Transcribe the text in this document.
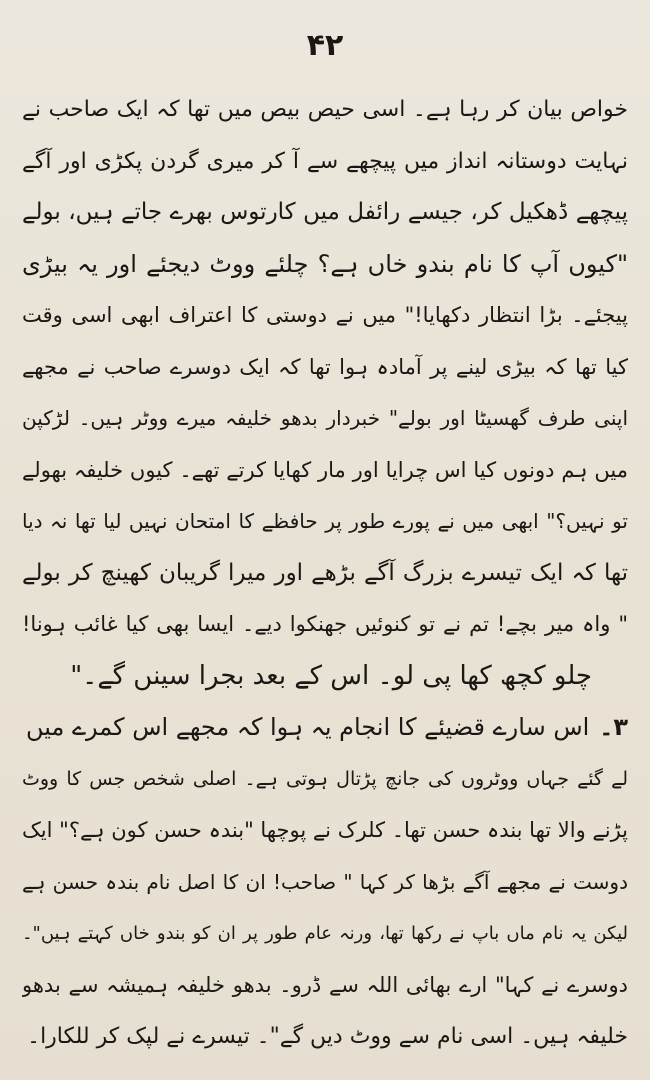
۴۲
خواص بیان کر رہا ہے۔ اسی حیص بیص میں تھا کہ ایک صاحب نے
نہایت دوستانہ انداز میں پیچھے سے آ کر میری گردن پکڑی اور آگے
پیچھے ڈھکیل کر، جیسے رائفل میں کارتوس بھرے جاتے ہیں، بولے
"کیوں آپ کا نام بندو خاں ہے؟ چلئے ووٹ دیجئے اور یہ بیڑی
پیجئے۔ بڑا انتظار دکھایا!" میں نے دوستی کا اعتراف ابھی اسی وقت
کیا تھا کہ بیڑی لینے پر آمادہ ہوا تھا کہ ایک دوسرے صاحب نے مجھے
اپنی طرف گھسیٹا اور بولے" خبردار بدھو خلیفہ میرے ووٹر ہیں۔ لڑکپن
میں ہم دونوں کیا اس چرایا اور مار کھایا کرتے تھے۔ کیوں خلیفہ بھولے
تو نہیں؟" ابھی میں نے پورے طور پر حافظے کا امتحان نہیں لیا تھا نہ دیا
تھا کہ ایک تیسرے بزرگ آگے بڑھے اور میرا گریبان کھینچ کر بولے
" واہ میر بچے! تم نے تو کنوئیں جھنکوا دیے۔ ایسا بھی کیا غائب ہونا!
چلو کچھ کھا پی لو۔ اس کے بعد بجرا سینں گے۔"
۳۔اس سارے قضیئے کا انجام یہ ہوا کہ مجھے اس کمرے میں
لے گئے جہاں ووٹروں کی جانچ پڑتال ہوتی ہے۔ اصلی شخص جس کا ووٹ
پڑنے والا تھا بندہ حسن تھا۔ کلرک نے پوچھا "بندہ حسن کون ہے؟" ایک
دوست نے مجھے آگے بڑھا کر کہا " صاحب! ان کا اصل نام بندہ حسن ہے
لیکن یہ نام ماں باپ نے رکھا تھا، ورنہ عام طور پر ان کو بندو خاں کہتے ہیں"۔
دوسرے نے کہا" ارے بھائی اللہ سے ڈرو۔ بدھو خلیفہ ہمیشہ سے بدھو
خلیفہ ہیں۔ اسی نام سے ووٹ دیں گے"۔ تیسرے نے لپک کر للکارا۔
